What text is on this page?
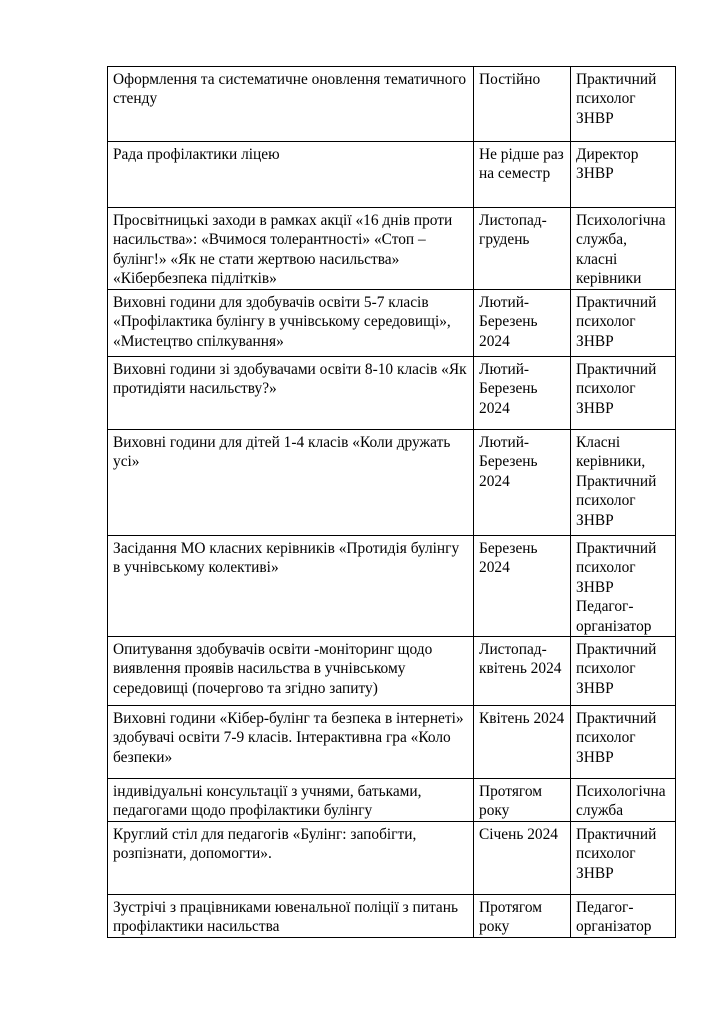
Оформлення та систематичне оновлення тематичного стенду	Постійно	Практичний психолог ЗНВР
Рада профілактики ліцею	Не рідше раз на семестр	Директор ЗНВР
Просвітницькі заходи в рамках акції «16 днів проти насильства»: «Вчимося толерантності» «Стоп – булінг!» «Як не стати жертвою насильства» «Кібербезпека підлітків»	Листопад-грудень	Психологічна служба, класні керівники
Виховні години для здобувачів освіти 5-7 класів «Профілактика булінгу в учнівському середовищі», «Мистецтво спілкування»	Лютий-Березень 2024	Практичний психолог ЗНВР
Виховні години зі здобувачами освіти 8-10 класів «Як протидіяти насильству?»	Лютий-Березень 2024	Практичний психолог ЗНВР
Виховні години для дітей 1-4 класів «Коли дружать усі»	Лютий-Березень 2024	Класні керівники, Практичний психолог ЗНВР
Засідання МО класних керівників «Протидія булінгу в учнівському колективі»	Березень 2024	Практичний психолог ЗНВР Педагог-організатор
Опитування здобувачів освіти -моніторинг щодо виявлення проявів насильства в учнівському середовищі (почергово та згідно запиту)	Листопад-квітень 2024	Практичний психолог ЗНВР
Виховні години «Кібер-булінг та безпека в інтернеті» здобувачі освіти 7-9 класів. Інтерактивна гра «Коло безпеки»	Квітень 2024	Практичний психолог ЗНВР
індивідуальні консультації з учнями, батьками, педагогами щодо профілактики булінгу	Протягом року	Психологічна служба
Круглий стіл для педагогів «Булінг: запобігти, розпізнати, допомогти».	Січень 2024	Практичний психолог ЗНВР
Зустрічі з працівниками ювенальної поліції з питань профілактики насильства	Протягом року	Педагог-організатор
